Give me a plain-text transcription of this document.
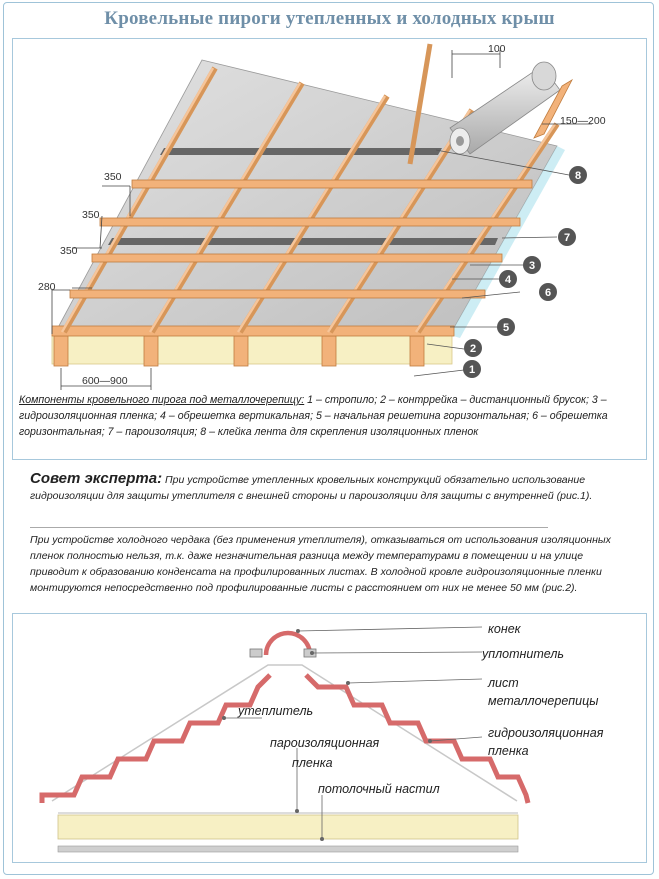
Кровельные пироги утепленных и холодных крыш
100
150—200
350
350
350
280
600—900
1
2
3
4
5
6
7
8
Компоненты кровельного пирога под металлочерепицу: 1 – стропило; 2 – контррейка – дистанционный брусок; 3 – гидроизоляционная пленка; 4 – обрешетка вертикальная; 5 – начальная решетина горизонтальная; 6 – обрешетка горизонтальная; 7 – пароизоляция; 8 – клейка лента для скрепления изоляционных пленок
Совет эксперта: При устройстве утепленных кровельных конструкций обязательно использование гидроизоляции для защиты утеплителя с внешней стороны и пароизоляции для защиты с внутренней (рис.1).
При устройстве холодного чердака (без применения утеплителя), отказываться от использования изоляционных пленок полностью нельзя, т.к. даже незначительная разница между температурами в помещении и на улице приводит к образованию конденсата на профилированных листах. В холодной кровле гидроизоляционные пленки монтируются непосредственно под профилированные листы с расстоянием от них не менее 50 мм (рис.2).
конек
уплотнитель
лист
металлочерепицы
гидроизоляционная
пленка
утеплитель
пароизоляционная
пленка
потолочный настил
